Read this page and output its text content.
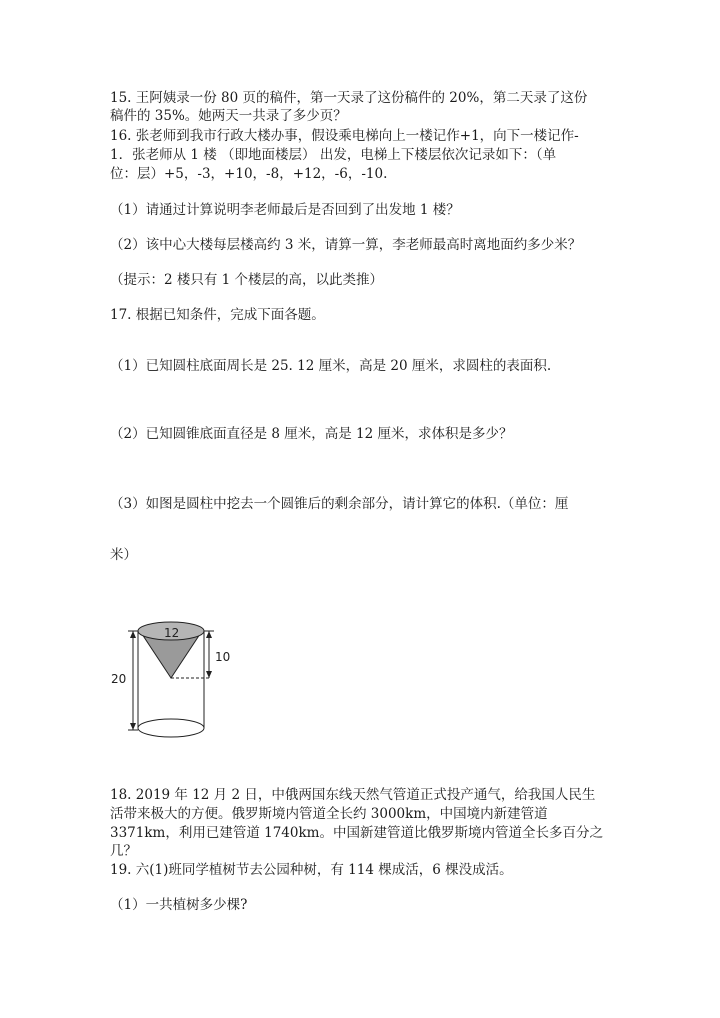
15. 王阿姨录一份 80 页的稿件，第一天录了这份稿件的 20%，第二天录了这份
稿件的 35%。她两天一共录了多少页？
16. 张老师到我市行政大楼办事，假设乘电梯向上一楼记作+1，向下一楼记作-
1．张老师从 1 楼 （即地面楼层） 出发，电梯上下楼层依次记录如下：（单
位：层）+5，-3，+10，-8，+12，-6，-10.
（1）请通过计算说明李老师最后是否回到了出发地 1 楼？
（2）该中心大楼每层楼高约 3 米，请算一算，李老师最高时离地面约多少米？
（提示：2 楼只有 1 个楼层的高，以此类推）
17. 根据已知条件，完成下面各题。
（1）已知圆柱底面周长是 25. 12 厘米，高是 20 厘米，求圆柱的表面积.
（2）已知圆锥底面直径是 8 厘米，高是 12 厘米，求体积是多少？
（3）如图是圆柱中挖去一个圆锥后的剩余部分，请计算它的体积.（单位：厘
米）
20
12
10
18. 2019 年 12 月 2 日，中俄两国东线天然气管道正式投产通气，给我国人民生
活带来极大的方便。俄罗斯境内管道全长约 3000km，中国境内新建管道
3371km，利用已建管道 1740km。中国新建管道比俄罗斯境内管道全长多百分之
几？
19. 六(1)班同学植树节去公园种树，有 114 棵成活，6 棵没成活。
（1）一共植树多少棵?
